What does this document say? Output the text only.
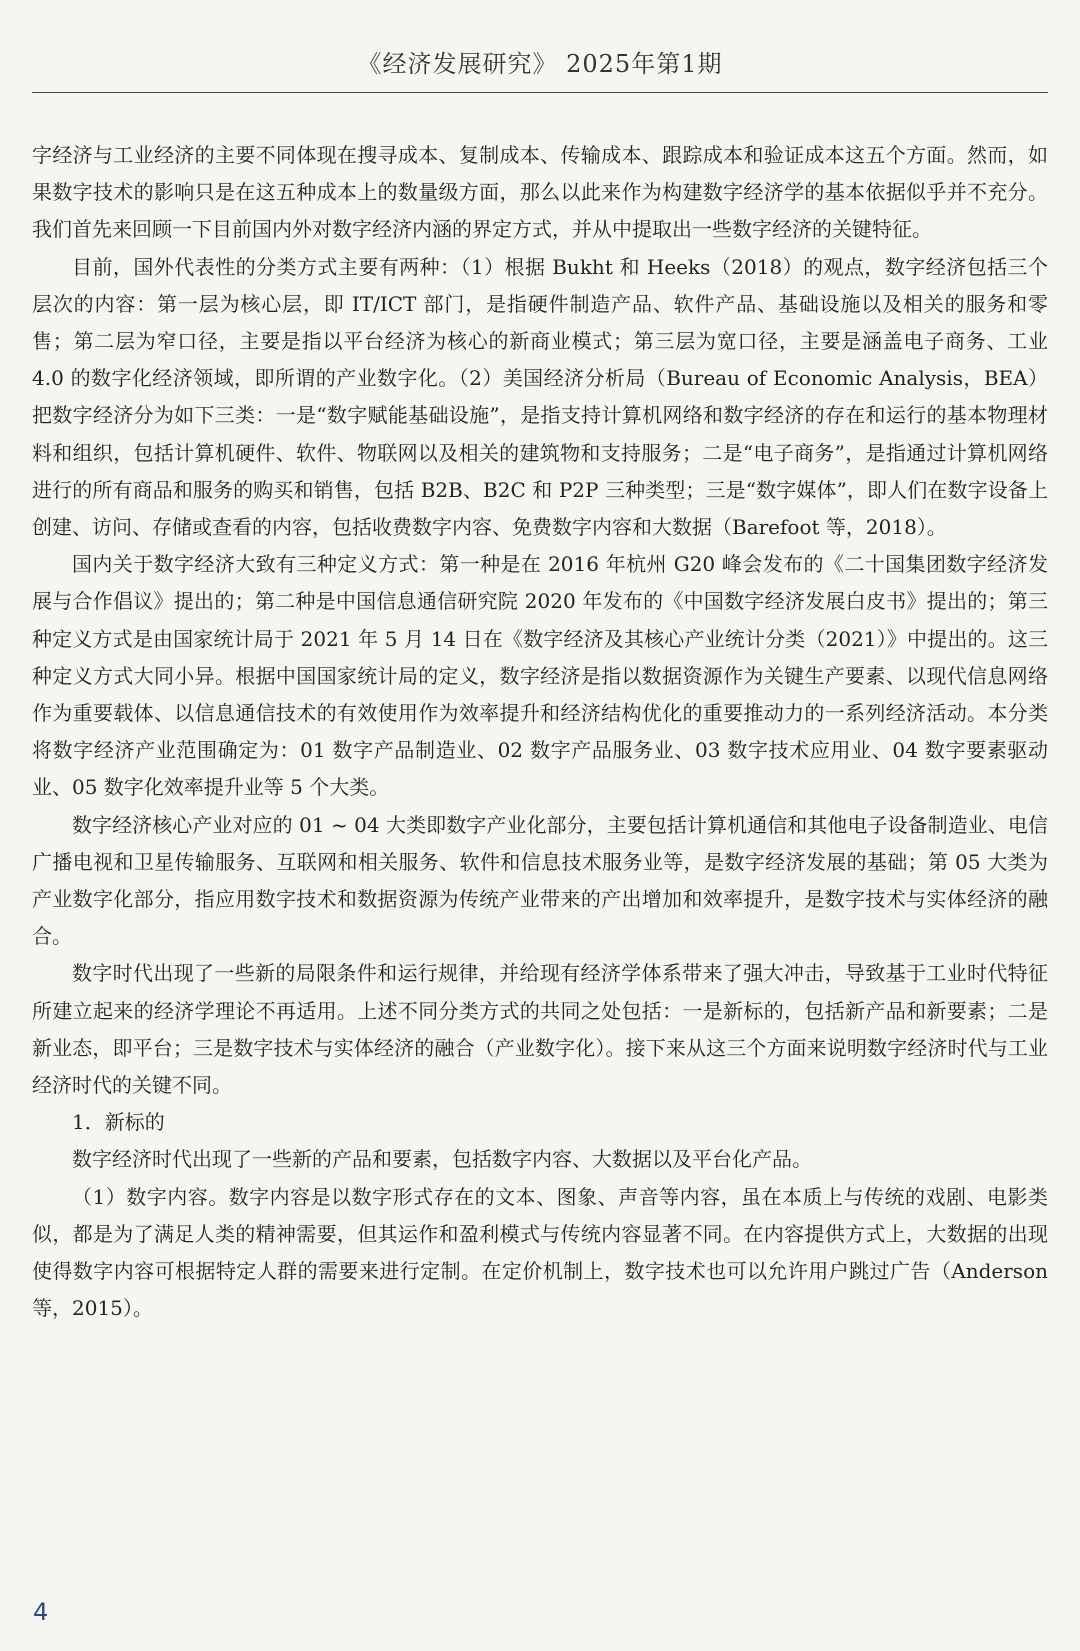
《经济发展研究》 2025年第1期

字经济与工业经济的主要不同体现在搜寻成本、复制成本、传输成本、跟踪成本和验证成本这五个方面。然而，如果数字技术的影响只是在这五种成本上的数量级方面，那么以此来作为构建数字经济学的基本依据似乎并不充分。我们首先来回顾一下目前国内外对数字经济内涵的界定方式，并从中提取出一些数字经济的关键特征。

目前，国外代表性的分类方式主要有两种：（1）根据 Bukht 和 Heeks（2018）的观点，数字经济包括三个层次的内容：第一层为核心层，即 IT/ICT 部门，是指硬件制造产品、软件产品、基础设施以及相关的服务和零售；第二层为窄口径，主要是指以平台经济为核心的新商业模式；第三层为宽口径，主要是涵盖电子商务、工业 4.0 的数字化经济领域，即所谓的产业数字化。（2）美国经济分析局（Bureau of Economic Analysis，BEA）把数字经济分为如下三类：一是“数字赋能基础设施”，是指支持计算机网络和数字经济的存在和运行的基本物理材料和组织，包括计算机硬件、软件、物联网以及相关的建筑物和支持服务；二是“电子商务”，是指通过计算机网络进行的所有商品和服务的购买和销售，包括 B2B、B2C 和 P2P 三种类型；三是“数字媒体”，即人们在数字设备上创建、访问、存储或查看的内容，包括收费数字内容、免费数字内容和大数据（Barefoot 等，2018）。

国内关于数字经济大致有三种定义方式：第一种是在 2016 年杭州 G20 峰会发布的《二十国集团数字经济发展与合作倡议》提出的；第二种是中国信息通信研究院 2020 年发布的《中国数字经济发展白皮书》提出的；第三种定义方式是由国家统计局于 2021 年 5 月 14 日在《数字经济及其核心产业统计分类（2021）》中提出的。这三种定义方式大同小异。根据中国国家统计局的定义，数字经济是指以数据资源作为关键生产要素、以现代信息网络作为重要载体、以信息通信技术的有效使用作为效率提升和经济结构优化的重要推动力的一系列经济活动。本分类将数字经济产业范围确定为：01 数字产品制造业、02 数字产品服务业、03 数字技术应用业、04 数字要素驱动业、05 数字化效率提升业等 5 个大类。

数字经济核心产业对应的 01 ~ 04 大类即数字产业化部分，主要包括计算机通信和其他电子设备制造业、电信广播电视和卫星传输服务、互联网和相关服务、软件和信息技术服务业等，是数字经济发展的基础；第 05 大类为产业数字化部分，指应用数字技术和数据资源为传统产业带来的产出增加和效率提升，是数字技术与实体经济的融合。

数字时代出现了一些新的局限条件和运行规律，并给现有经济学体系带来了强大冲击，导致基于工业时代特征所建立起来的经济学理论不再适用。上述不同分类方式的共同之处包括：一是新标的，包括新产品和新要素；二是新业态，即平台；三是数字技术与实体经济的融合（产业数字化）。接下来从这三个方面来说明数字经济时代与工业经济时代的关键不同。

1．新标的

数字经济时代出现了一些新的产品和要素，包括数字内容、大数据以及平台化产品。

（1）数字内容。数字内容是以数字形式存在的文本、图象、声音等内容，虽在本质上与传统的戏剧、电影类似，都是为了满足人类的精神需要，但其运作和盈利模式与传统内容显著不同。在内容提供方式上，大数据的出现使得数字内容可根据特定人群的需要来进行定制。在定价机制上，数字技术也可以允许用户跳过广告（Anderson 等，2015）。

4
